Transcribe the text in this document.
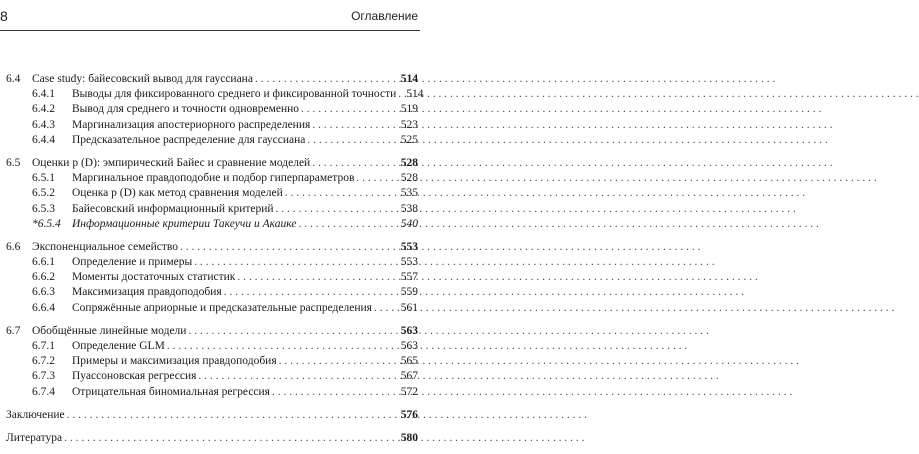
8	Оглавление
6.4	Case study: байесовский вывод для гауссиана . . .	514
6.4.1	Выводы для фиксированного среднего и фиксированной точности . . . 514
6.4.2	Вывод для среднего и точности одновременно . . .	519
6.4.3	Маргинализация апостериорного распределения . . .	523
6.4.4	Предсказательное распределение для гауссиана . . .	525
6.5	Оценки p (D): эмпирический Байес и сравнение моделей . . .	528
6.5.1	Маргинальное правдоподобие и подбор гиперпараметров . . .	528
6.5.2	Оценка p (D) как метод сравнения моделей . . .	535
6.5.3	Байесовский информационный критерий . . .	538
*6.5.4 Информационные критерии Такеучи и Акаике . . .	540
6.6	Экспоненциальное семейство . . .	553
6.6.1	Определение и примеры . . .	553
6.6.2	Моменты достаточных статистик . . .	557
6.6.3	Максимизация правдоподобия . . .	559
6.6.4	Сопряжённые априорные и предсказательные распределения . . .	561
6.7	Обобщённые линейные модели . . .	563
6.7.1	Определение GLM . . .	563
6.7.2	Примеры и максимизация правдоподобия . . .	565
6.7.3	Пуассоновская регрессия . . .	567
6.7.4	Отрицательная биномиальная регрессия . . .	572
Заключение . . .	576
Литература . . .	580
